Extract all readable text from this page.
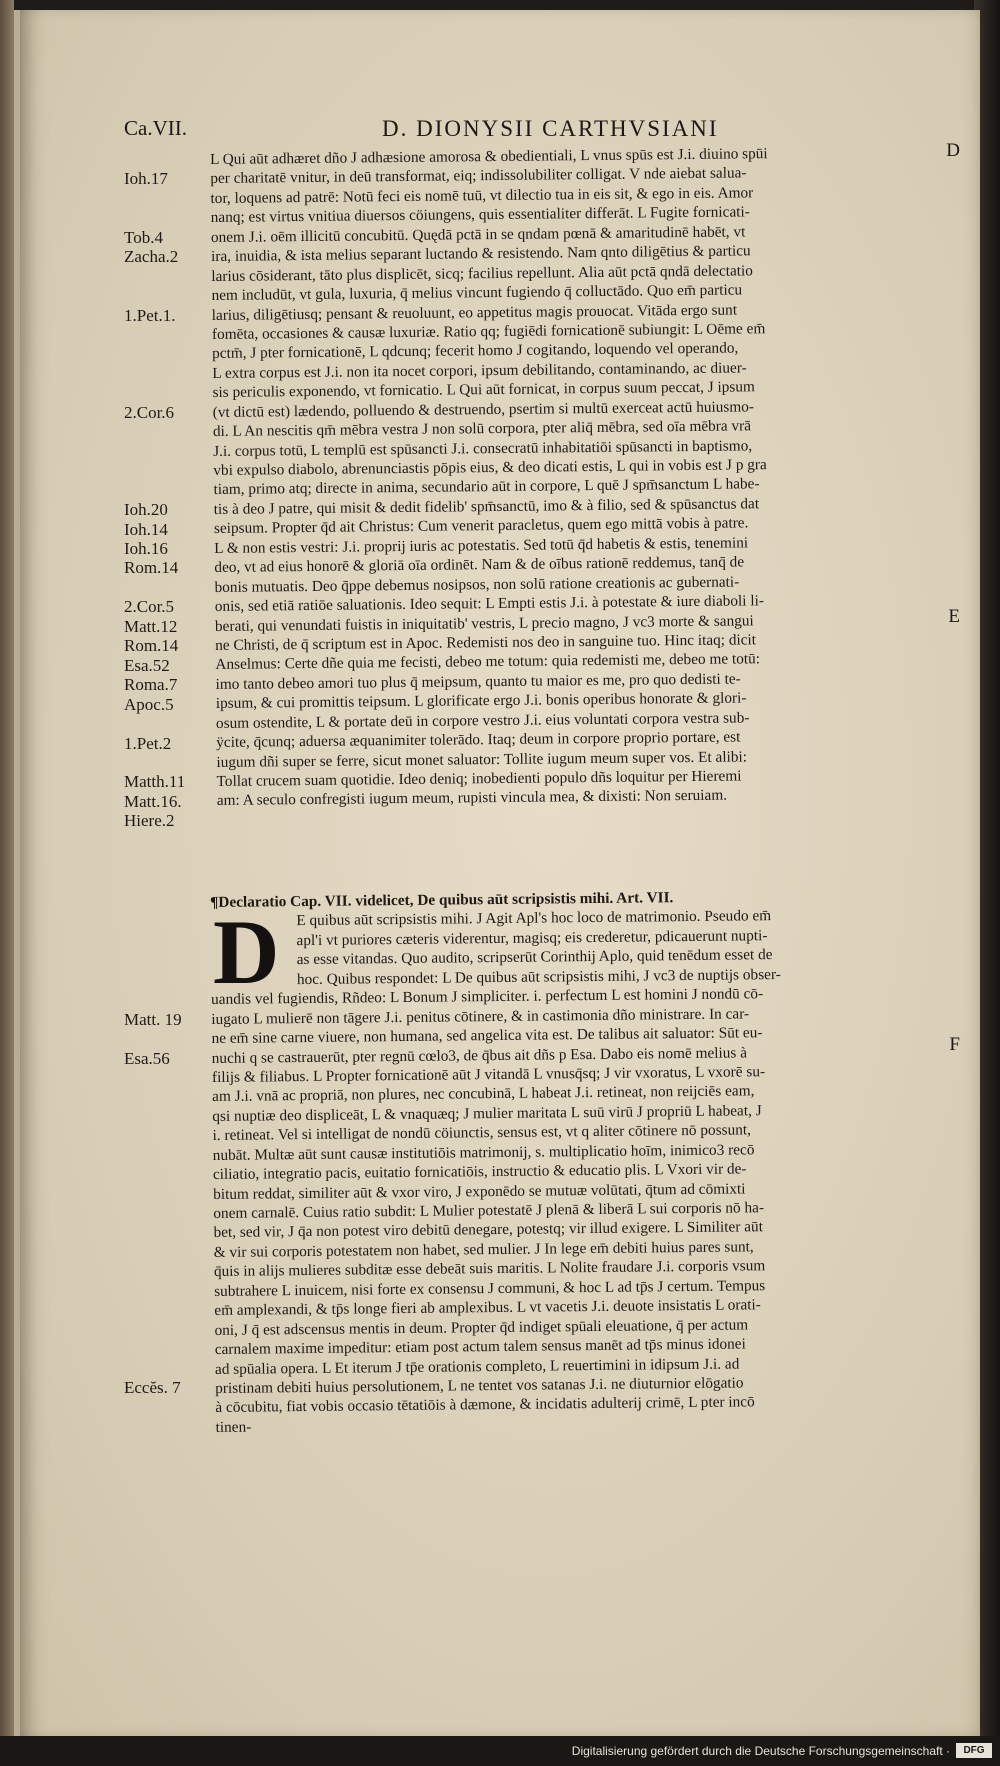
Ca.VII.	D. DIONYSII CARTHVSIANI
D
E
F
Ioh.17
Tob.4
Zacha.2
1.Pet.1.
2.Cor.6
Ioh.20
Ioh.14
Ioh.16
Rom.14
2.Cor.5
Matt.12
Rom.14
Esa.52
Roma.7
Apoc.5
1.Pet.2
Matth.11
Matt.16.
Hiere.2
Matt. 19
Esa.56
Eccĕs. 7
L Qui aūt adhæret dño J adhæsione amorosa & obedientiali, L vnus spūs est J.i. diuino spūi
per charitatē vnitur, in deū transformat, eiq; indissolubiliter colligat. V nde aiebat salua-
tor, loquens ad patrē: Notū feci eis nomē tuū, vt dilectio tua in eis sit, & ego in eis. Amor
nanq; est virtus vnitiua diuersos cöiungens, quis essentialiter differāt. L Fugite fornicati-
onem J.i. oēm illicitū concubitū. Quędā pctā in se qndam pœnā & amaritudinē habēt, vt
ira, inuidia, & ista melius separant luctando & resistendo. Nam qnto diligētius & particu
larius cōsiderant, tāto plus displicēt, sicq; facilius repellunt. Alia aūt pctā qndā delectatio
nem includūt, vt gula, luxuria, q̄ melius vincunt fugiendo q̄ colluctādo. Quo em̄ particu
larius, diligētiusq; pensant & reuoluunt, eo appetitus magis prouocat. Vitāda ergo sunt
fomēta, occasiones & causæ luxuriæ. Ratio qq; fugiēdi fornicationē subiungit: L Oēme em̄
pctm̄, J pter fornicationē, L qdcunq; fecerit homo J cogitando, loquendo vel operando,
L extra corpus est J.i. non ita nocet corpori, ipsum debilitando, contaminando, ac diuer-
sis periculis exponendo, vt fornicatio. L Qui aūt fornicat, in corpus suum peccat, J ipsum
(vt dictū est) lædendo, polluendo & destruendo, psertim si multū exerceat actū huiusmo-
di. L An nescitis qm̄ mēbra vestra J non solū corpora, pter aliq̄ mēbra, sed oīa mēbra vrā
J.i. corpus totū, L templū est spūsancti J.i. consecratū inhabitatiōi spūsancti in baptismo,
vbi expulso diabolo, abrenunciastis pōpis eius, & deo dicati estis, L qui in vobis est J p gra
tiam, primo atq; directe in anima, secundario aūt in corpore, L quē J spm̄sanctum L habe-
tis à deo J patre, qui misit & dedit fidelib' spm̄sanctū, imo & à filio, sed & spūsanctus dat
seipsum. Propter q̄d ait Christus: Cum venerit paracletus, quem ego mittā vobis à patre.
L & non estis vestri: J.i. proprij iuris ac potestatis. Sed totū q̄d habetis & estis, tenemini
deo, vt ad eius honorē & gloriā oīa ordinēt. Nam & de oībus rationē reddemus, tanq̄ de
bonis mutuatis. Deo q̄ppe debemus nosipsos, non solū ratione creationis ac gubernati-
onis, sed etiā ratiōe saluationis. Ideo sequit: L Empti estis J.i. à potestate & iure diaboli li-
berati, qui venundati fuistis in iniquitatib' vestris, L precio magno, J vc3 morte & sangui
ne Christi, de q̄ scriptum est in Apoc. Redemisti nos deo in sanguine tuo. Hinc itaq; dicit
Anselmus: Certe dñe quia me fecisti, debeo me totum: quia redemisti me, debeo me totū:
imo tanto debeo amori tuo plus q̄ meipsum, quanto tu maior es me, pro quo dedisti te-
ipsum, & cui promittis teipsum. L glorificate ergo J.i. bonis operibus honorate & glori-
osum ostendite, L & portate deū in corpore vestro J.i. eius voluntati corpora vestra sub-
ÿcite, q̄cunq; aduersa æquanimiter tolerādo. Itaq; deum in corpore proprio portare, est
iugum dñi super se ferre, sicut monet saluator: Tollite iugum meum super vos. Et alibi:
Tollat crucem suam quotidie. Ideo deniq; inobedienti populo dñs loquitur per Hieremi
am: A seculo confregisti iugum meum, rupisti vincula mea, & dixisti: Non seruiam.
¶Declaratio Cap. VII. videlicet, De quibus aūt scripsistis mihi. Art. VII.
E quibus aūt scripsistis mihi. J Agit Apl's hoc loco de matrimonio. Pseudo em̄
apl'i vt puriores cæteris viderentur, magisq; eis crederetur, pdicauerunt nupti-
as esse vitandas. Quo audito, scripserūt Corinthij Aplo, quid tenēdum esset de
hoc. Quibus respondet: L De quibus aūt scripsistis mihi, J vc3 de nuptijs obser-
uandis vel fugiendis, Rñdeo: L Bonum J simpliciter. i. perfectum L est homini J nondū cō-
iugato L mulierē non tāgere J.i. penitus cōtinere, & in castimonia dño ministrare. In car-
ne em̄ sine carne viuere, non humana, sed angelica vita est. De talibus ait saluator: Sūt eu-
nuchi q se castrauerūt, pter regnū cœlo3, de q̄bus ait dñs p Esa. Dabo eis nomē melius à
filijs & filiabus. L Propter fornicationē aūt J vitandā L vnusq̄sq; J vir vxoratus, L vxorē su-
am J.i. vnā ac propriā, non plures, nec concubinā, L habeat J.i. retineat, non reijciēs eam,
qsi nuptiæ deo displiceāt, L & vnaquæq; J mulier maritata L suū virū J propriū L habeat, J
i. retineat. Vel si intelligat de nondū cöiunctis, sensus est, vt q aliter cōtinere nō possunt,
nubāt. Multæ aūt sunt causæ institutiōis matrimonij, s. multiplicatio hoīm, inimico3 recō
ciliatio, integratio pacis, euitatio fornicatiōis, instructio & educatio plis. L Vxori vir de-
bitum reddat, similiter aūt & vxor viro, J exponēdo se mutuæ volūtati, q̄tum ad cōmixti
onem carnalē. Cuius ratio subdit: L Mulier potestatē J plenā & liberā L sui corporis nō ha-
bet, sed vir, J q̄a non potest viro debitū denegare, potestq; vir illud exigere. L Similiter aūt
& vir sui corporis potestatem non habet, sed mulier. J In lege em̄ debiti huius pares sunt,
q̄uis in alijs mulieres subditæ esse debeāt suis maritis. L Nolite fraudare J.i. corporis vsum
subtrahere L inuicem, nisi forte ex consensu J communi, & hoc L ad tp̄s J certum. Tempus
em̄ amplexandi, & tp̄s longe fieri ab amplexibus. L vt vacetis J.i. deuote insistatis L orati-
oni, J q̄ est adscensus mentis in deum. Propter q̄d indiget spūali eleuatione, q̄ per actum
carnalem maxime impeditur: etiam post actum talem sensus manēt ad tp̄s minus idonei
ad spūalia opera. L Et iterum J tp̄e orationis completo, L reuertimini in idipsum J.i. ad
pristinam debiti huius persolutionem, L ne tentet vos satanas J.i. ne diuturnior elōgatio
à cōcubitu, fiat vobis occasio tētatiōis à dæmone, & incidatis adulterij crimē, L pter incō
tinen-
D

Digitalisierung gefördert durch die Deutsche Forschungsgemeinschaft ·	DFG
